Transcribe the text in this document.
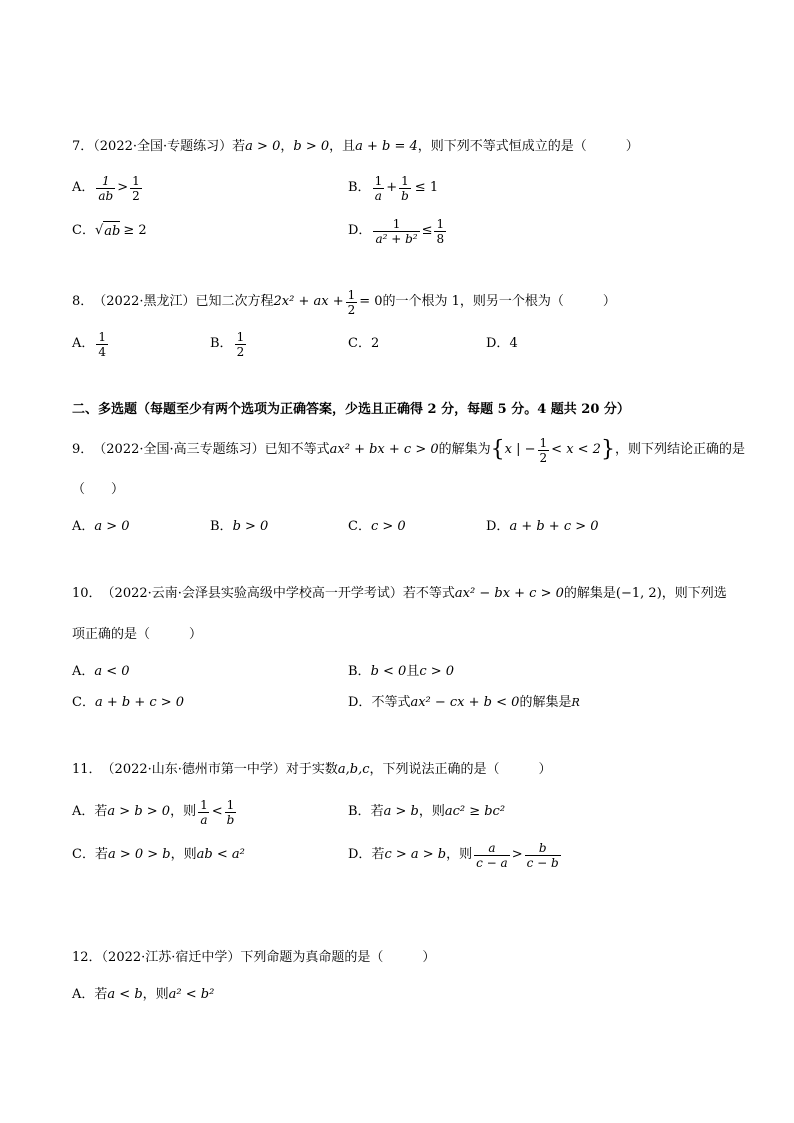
7．（2022·全国·专题练习）若a > 0，b > 0，且a + b = 4，则下列不等式恒成立的是（　　　）
A． $\frac{1}{ab} > \frac{1}{2}$	B． $\frac{1}{a} + \frac{1}{b} \le 1$
C． √ ab ≥ 2	D． $\frac{1}{\text{a² + b²}} \le \frac{1}{8}$
8． （2022·黑龙江） 已知二次方程 2x² + ax + $\frac{1}{2} = 0$ 的一个根为 1，则另一个根为（　　　）
A． $\frac{1}{4}$	B． $\frac{1}{2}$	C． 2	D． 4
二、多选题（每题至少有两个选项为正确答案，少选且正确得 2 分，每题 5 分。4 题共 20 分）
9． （2022·全国·高三专题练习） 已知不等式 ax² + bx + c > 0 的解集为 { x | − $\frac{1}{2} < x < 2$ } ，则下列结论正确的是
（　　）
A． a > 0	B． b > 0	C． c > 0	D． a + b + c > 0
10． （2022·云南·会泽县实验高级中学校高一开学考试） 若不等式 ax² − bx + c > 0 的解集是 (−1, 2) ，则下列选
项正确的是（　　　）
A． a < 0	B． b < 0 且 c > 0
C． a + b + c > 0	D． 不等式 ax² − cx + b < 0 的解集是 R
11． （2022·山东·德州市第一中学） 对于实数 a,b,c ，下列说法正确的是（　　　）
A． 若 a > b > 0 ，则 $\frac{1}{a} < \frac{1}{b}$	B． 若 a > b ，则 ac² ≥ bc²
C． 若 a > 0 > b ，则 ab < a²	D． 若 c > a > b ，则 $\frac{a}{c - a} > \frac{b}{c - b}$
12．（2022·江苏·宿迁中学）下列命题为真命题的是（　　　）
A． 若 a < b ，则 a² < b²
